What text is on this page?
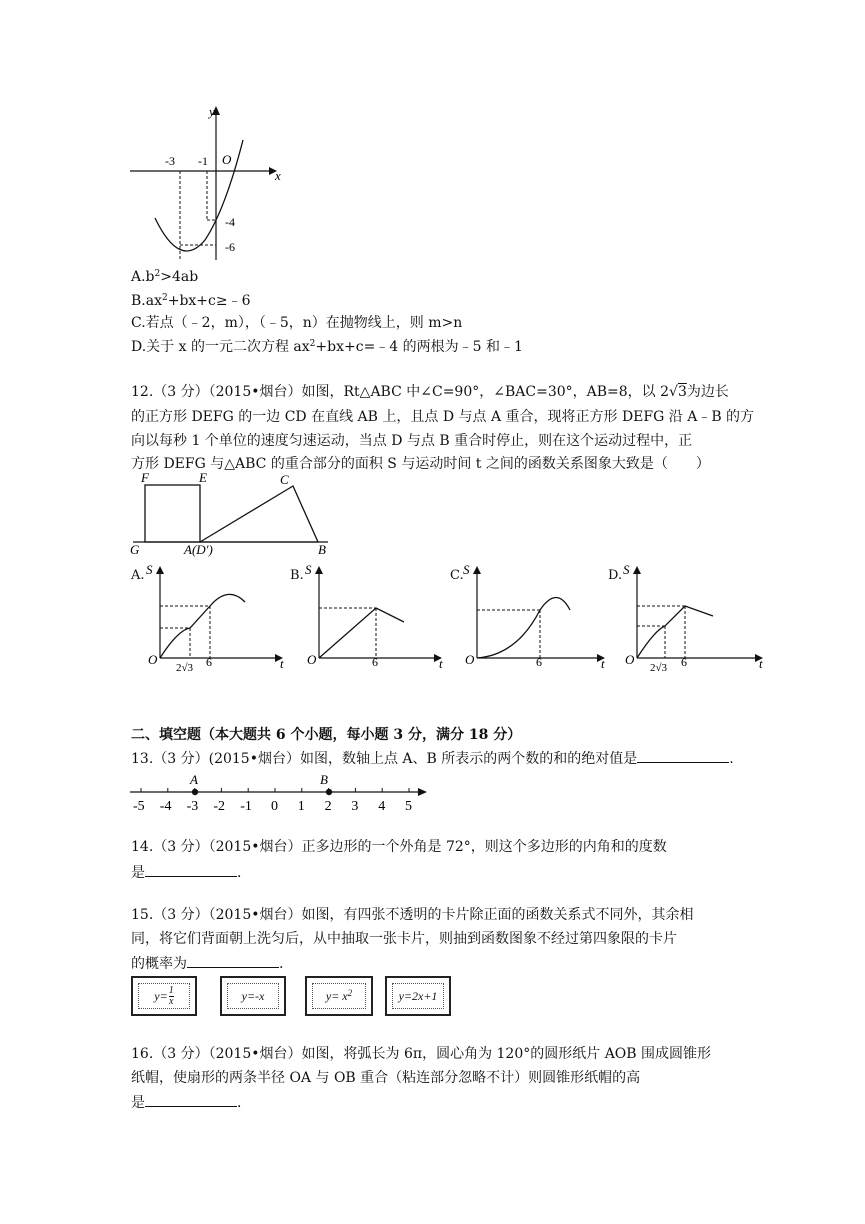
y
x
O
-3 -1
-4
-6
$A.b^2>4ab$
$B.ax^2+bx+c\ge﹣6$
C.若点（﹣2，m），（﹣5，n）在抛物线上，则 m>n
D.关于 x 的一元二次方程 $ax^2+bx+c=﹣4$ 的两根为﹣5 和﹣1
12.（3 分）（2015•烟台）如图，Rt△ABC 中∠C=90°，∠BAC=30°，AB=8，以 2√3为边长
的正方形 DEFG 的一边 CD 在直线 AB 上，且点 D 与点 A 重合，现将正方形 DEFG 沿 A﹣B 的方
向以每秒 1 个单位的速度匀速运动，当点 D 与点 B 重合时停止，则在这个运动过程中，正
方形 DEFG 与△ABC 的重合部分的面积 S 与运动时间 t 之间的函数关系图象大致是（　　）
F	E	C
G	A(D′)	B
A. S
O	t
2√3 6
B. S
O	t
6
C. S
O	t
6
D. S
O	t
2√3 6
二、填空题（本大题共 6 个小题，每小题 3 分，满分 18 分）
13.（3 分）(2015•烟台）如图，数轴上点 A、B 所表示的两个数的和的绝对值是	.
-5 -4 -3 -2 -1 0 1 2 3 4 5
A	B
14.（3 分）（2015•烟台）正多边形的一个外角是 72°，则这个多边形的内角和的度数
是	.
15.（3 分）（2015•烟台）如图，有四张不透明的卡片除正面的函数关系式不同外，其余相
同，将它们背面朝上洗匀后，从中抽取一张卡片，则抽到函数图象不经过第四象限的卡片
的概率为	.
y= 1
x	y=-x	$y= x^2$	y=2x+1
16.（3 分）（2015•烟台）如图，将弧长为 6π，圆心角为 120°的圆形纸片 AOB 围成圆锥形
纸帽，使扇形的两条半径 OA 与 OB 重合（粘连部分忽略不计）则圆锥形纸帽的高
是	.
